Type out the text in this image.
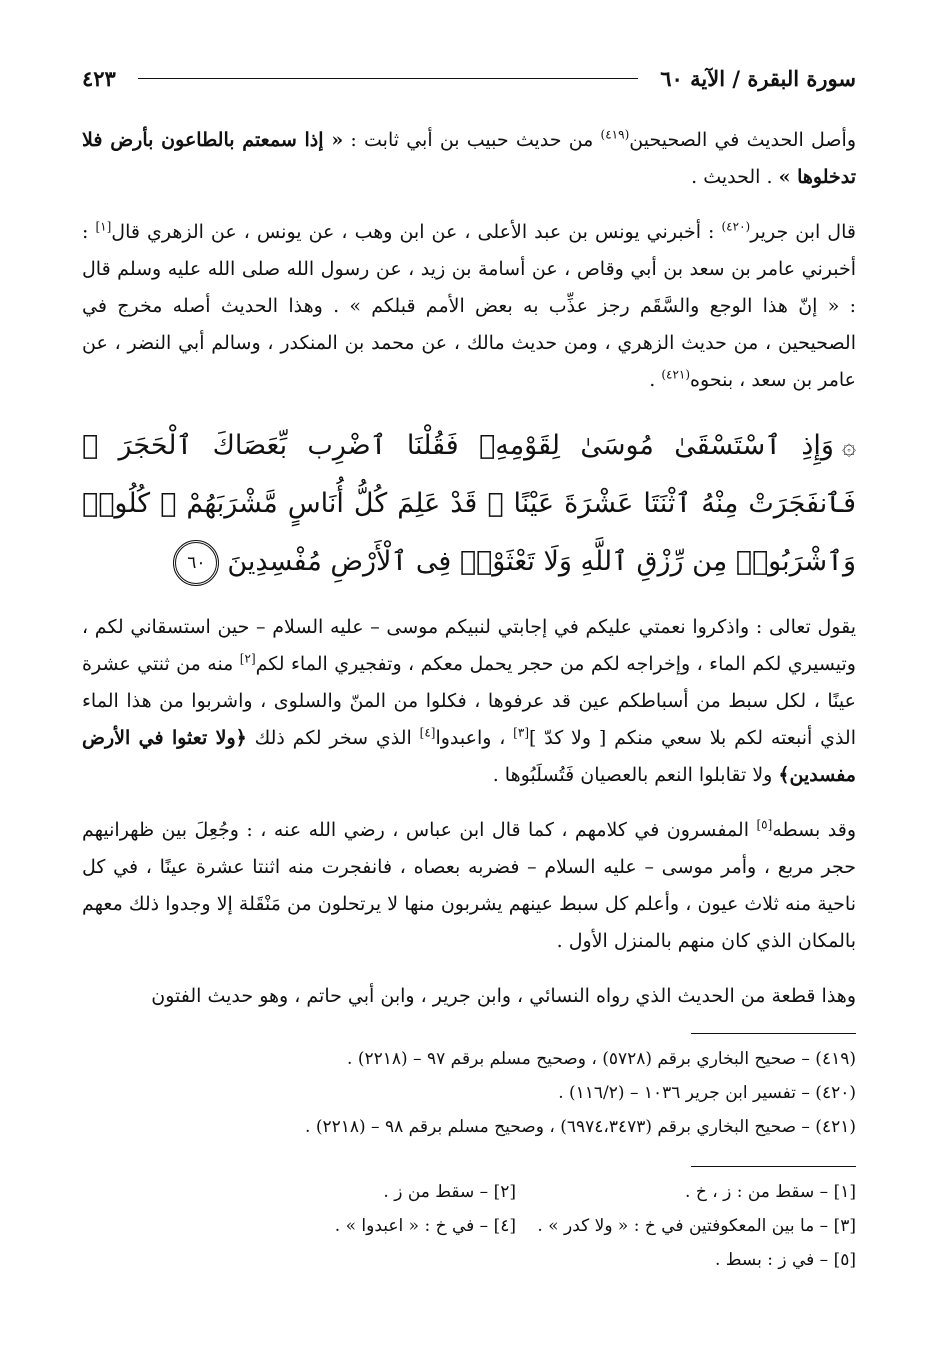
سورة البقرة / الآية ٦٠
٤٢٣

وأصل الحديث في الصحيحين$^{(٤١٩)}$ من حديث حبيب بن أبي ثابت : « إذا سمعتم بالطاعون بأرض فلا تدخلوها » . الحديث .

قال ابن جرير$^{(٤٢٠)}$ : أخبرني يونس بن عبد الأعلى ، عن ابن وهب ، عن يونس ، عن الزهري قال[١] : أخبرني عامر بن سعد بن أبي وقاص ، عن أسامة بن زيد ، عن رسول الله صلى الله عليه وسلم قال : « إنّ هذا الوجع والسَّقَم رجز عذِّب به بعض الأمم قبلكم » . وهذا الحديث أصله مخرج في الصحيحين ، من حديث الزهري ، ومن حديث مالك ، عن محمد بن المنكدر ، وسالم أبي النضر ، عن عامر بن سعد ، بنحوه$^{(٤٢١)}$ .

۞وَإِذِ ٱسْتَسْقَىٰ مُوسَىٰ لِقَوْمِهِۦ فَقُلْنَا ٱضْرِب بِّعَصَاكَ ٱلْحَجَرَ ۖ فَٱنفَجَرَتْ مِنْهُ ٱثْنَتَا عَشْرَةَ عَيْنًا ۖ قَدْ عَلِمَ كُلُّ أُنَاسٍ مَّشْرَبَهُمْ ۖ كُلُوا۟ وَٱشْرَبُوا۟ مِن رِّزْقِ ٱللَّهِ وَلَا تَعْثَوْا۟ فِى ٱلْأَرْضِ مُفْسِدِينَ٦٠

يقول تعالى : واذكروا نعمتي عليكم في إجابتي لنبيكم موسى – عليه السلام – حين استسقاني لكم ، وتيسيري لكم الماء ، وإخراجه لكم من حجر يحمل معكم ، وتفجيري الماء لكم[٢] منه من ثنتي عشرة عينًا ، لكل سبط من أسباطكم عين قد عرفوها ، فكلوا من المنّ والسلوى ، واشربوا من هذا الماء الذي أنبعته لكم بلا سعي منكم [ ولا كدّ ][٣] ، واعبدوا[٤] الذي سخر لكم ذلك ﴿ولا تعثوا في الأرض مفسدين﴾ ولا تقابلوا النعم بالعصيان فَتُسلَبُوها .

وقد بسطه[٥] المفسرون في كلامهم ، كما قال ابن عباس ، رضي الله عنه ، : وجُعِلَ بين ظهرانيهم حجر مربع ، وأمر موسى – عليه السلام – فضربه بعصاه ، فانفجرت منه اثنتا عشرة عينًا ، في كل ناحية منه ثلاث عيون ، وأعلم كل سبط عينهم يشربون منها لا يرتحلون من مَنْقَلة إلا وجدوا ذلك معهم بالمكان الذي كان منهم بالمنزل الأول .

وهذا قطعة من الحديث الذي رواه النسائي ، وابن جرير ، وابن أبي حاتم ، وهو حديث الفتون

(٤١٩) – صحيح البخاري برقم (٥٧٢٨) ، وصحيح مسلم برقم ٩٧ – (٢٢١٨) .
(٤٢٠) – تفسير ابن جرير ١٠٣٦ – (١١٦/٢) .
(٤٢١) – صحيح البخاري برقم (٦٩٧٤،٣٤٧٣) ، وصحيح مسلم برقم ٩٨ – (٢٢١٨) .
[١] – سقط من : ز ، خ .
[٢] – سقط من ز .
[٣] – ما بين المعكوفتين في خ : « ولا كدر » .
[٤] – في خ : « اعبدوا » .
[٥] – في ز : بسط .
